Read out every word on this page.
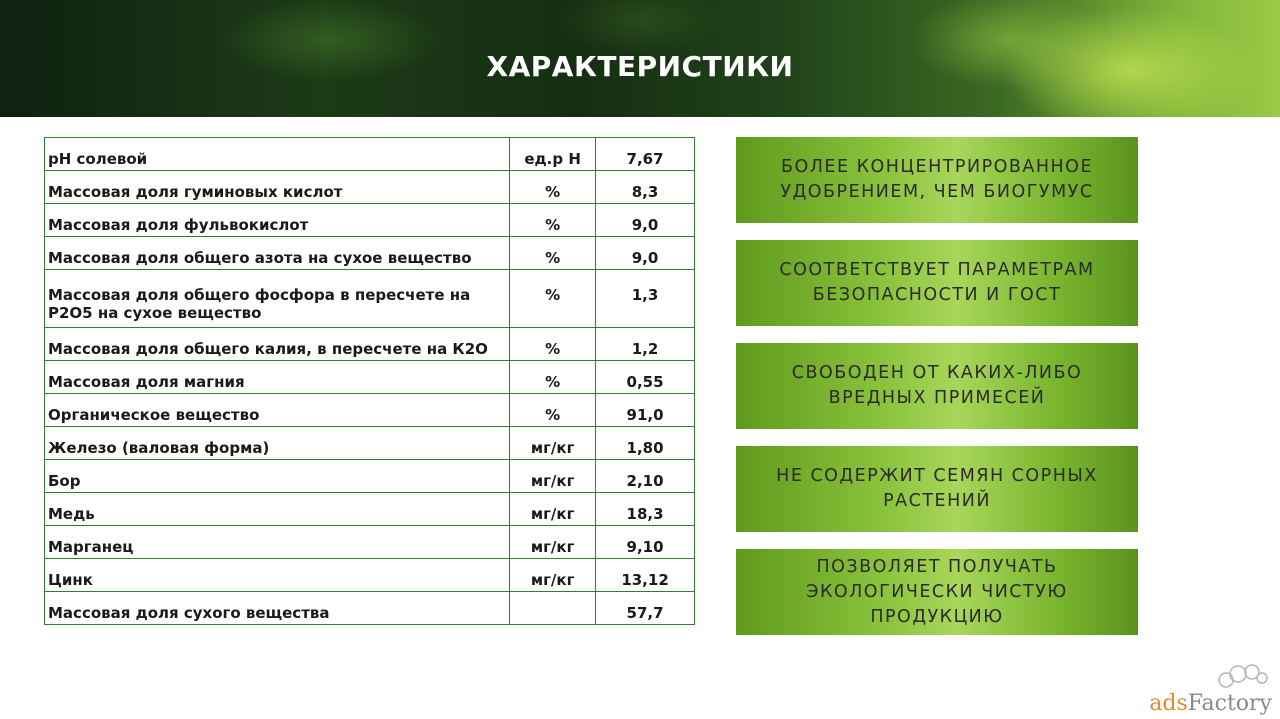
ХАРАКТЕРИСТИКИ
pH солевой	ед.р Н	7,67
Массовая доля гуминовых кислот	%	8,3
Массовая доля фульвокислот	%	9,0
Массовая доля общего азота на сухое вещество	%	9,0
Массовая доля общего фосфора в пересчете на Р2О5 на сухое вещество	%	1,3
Массовая доля общего калия, в пересчете на К2О	%	1,2
Массовая доля магния	%	0,55
Органическое вещество	%	91,0
Железо (валовая форма)	мг/кг	1,80
Бор	мг/кг	2,10
Медь	мг/кг	18,3
Марганец	мг/кг	9,10
Цинк	мг/кг	13,12
Массовая доля сухого вещества		57,7
БОЛЕЕ КОНЦЕНТРИРОВАННОЕ УДОБРЕНИЕМ, ЧЕМ БИОГУМУС
СООТВЕТСТВУЕТ ПАРАМЕТРАМ БЕЗОПАСНОСТИ И ГОСТ
СВОБОДЕН ОТ КАКИХ-ЛИБО ВРЕДНЫХ ПРИМЕСЕЙ
НЕ СОДЕРЖИТ СЕМЯН СОРНЫХ РАСТЕНИЙ
ПОЗВОЛЯЕТ ПОЛУЧАТЬ ЭКОЛОГИЧЕСКИ ЧИСТУЮ ПРОДУКЦИЮ
adsFactory
